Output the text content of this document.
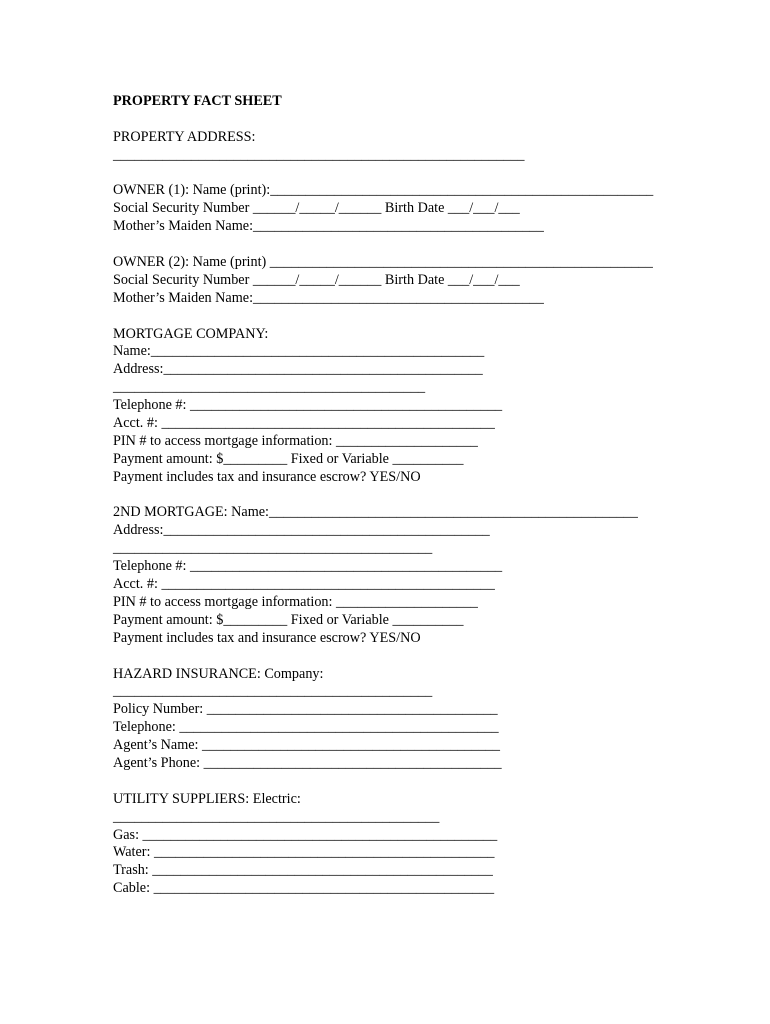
PROPERTY FACT SHEET
PROPERTY ADDRESS:
__________________________________________________________
OWNER (1): Name (print):______________________________________________________
Social Security Number ______/_____/______ Birth Date ___/___/___
Mother’s Maiden Name:_________________________________________
OWNER (2): Name (print) ______________________________________________________
Social Security Number ______/_____/______ Birth Date ___/___/___
Mother’s Maiden Name:_________________________________________
MORTGAGE COMPANY:
Name:_______________________________________________
Address:_____________________________________________
____________________________________________
Telephone #: ____________________________________________
Acct. #: _______________________________________________
PIN # to access mortgage information: ____________________
Payment amount: $_________ Fixed or Variable __________
Payment includes tax and insurance escrow? YES/NO
2ND MORTGAGE: Name:____________________________________________________
Address:______________________________________________
_____________________________________________
Telephone #: ____________________________________________
Acct. #: _______________________________________________
PIN # to access mortgage information: ____________________
Payment amount: $_________ Fixed or Variable __________
Payment includes tax and insurance escrow? YES/NO
HAZARD INSURANCE: Company:
_____________________________________________
Policy Number: _________________________________________
Telephone: _____________________________________________
Agent’s Name: __________________________________________
Agent’s Phone: __________________________________________
UTILITY SUPPLIERS: Electric:
______________________________________________
Gas: __________________________________________________
Water: ________________________________________________
Trash: ________________________________________________
Cable: ________________________________________________
